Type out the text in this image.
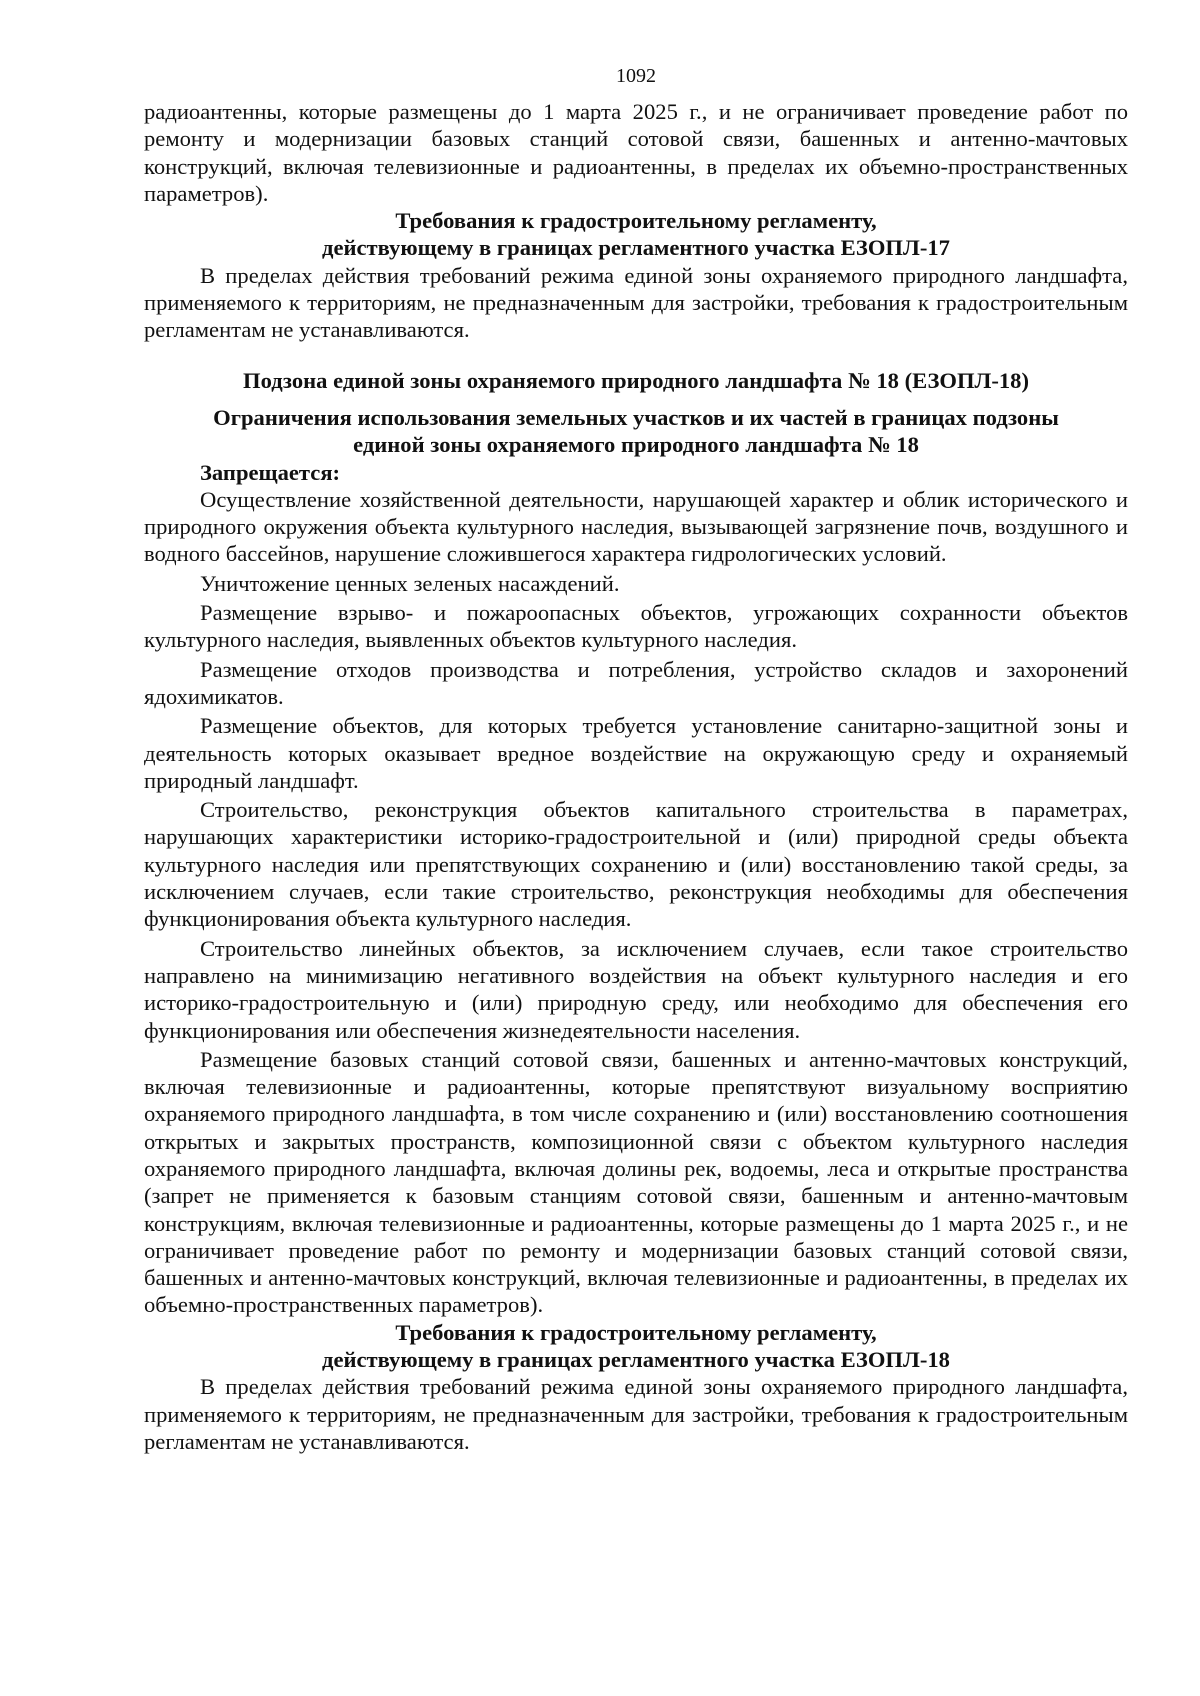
1092

радиоантенны, которые размещены до 1 марта 2025 г., и не ограничивает проведение работ по ремонту и модернизации базовых станций сотовой связи, башенных и антенно-мачтовых конструкций, включая телевизионные и радиоантенны, в пределах их объемно-пространственных параметров).

Требования к градостроительному регламенту,

действующему в границах регламентного участка ЕЗОПЛ-17

В пределах действия требований режима единой зоны охраняемого природного ландшафта, применяемого к территориям, не предназначенным для застройки, требования к градостроительным регламентам не устанавливаются.

Подзона единой зоны охраняемого природного ландшафта № 18 (ЕЗОПЛ-18)

Ограничения использования земельных участков и их частей в границах подзоны

единой зоны охраняемого природного ландшафта № 18

Запрещается:

Осуществление хозяйственной деятельности, нарушающей характер и облик исторического и природного окружения объекта культурного наследия, вызывающей загрязнение почв, воздушного и водного бассейнов, нарушение сложившегося характера гидрологических условий.

Уничтожение ценных зеленых насаждений.

Размещение взрыво- и пожароопасных объектов, угрожающих сохранности объектов культурного наследия, выявленных объектов культурного наследия.

Размещение отходов производства и потребления, устройство складов и захоронений ядохимикатов.

Размещение объектов, для которых требуется установление санитарно-защитной зоны и деятельность которых оказывает вредное воздействие на окружающую среду и охраняемый природный ландшафт.

Строительство, реконструкция объектов капитального строительства в параметрах, нарушающих характеристики историко-градостроительной и (или) природной среды объекта культурного наследия или препятствующих сохранению и (или) восстановлению такой среды, за исключением случаев, если такие строительство, реконструкция необходимы для обеспечения функционирования объекта культурного наследия.

Строительство линейных объектов, за исключением случаев, если такое строительство направлено на минимизацию негативного воздействия на объект культурного наследия и его историко-градостроительную и (или) природную среду, или необходимо для обеспечения его функционирования или обеспечения жизнедеятельности населения.

Размещение базовых станций сотовой связи, башенных и антенно-мачтовых конструкций, включая телевизионные и радиоантенны, которые препятствуют визуальному восприятию охраняемого природного ландшафта, в том числе сохранению и (или) восстановлению соотношения открытых и закрытых пространств, композиционной связи с объектом культурного наследия охраняемого природного ландшафта, включая долины рек, водоемы, леса и открытые пространства (запрет не применяется к базовым станциям сотовой связи, башенным и антенно-мачтовым конструкциям, включая телевизионные и радиоантенны, которые размещены до 1 марта 2025 г., и не ограничивает проведение работ по ремонту и модернизации базовых станций сотовой связи, башенных и антенно-мачтовых конструкций, включая телевизионные и радиоантенны, в пределах их объемно-пространственных параметров).

Требования к градостроительному регламенту,

действующему в границах регламентного участка ЕЗОПЛ-18

В пределах действия требований режима единой зоны охраняемого природного ландшафта, применяемого к территориям, не предназначенным для застройки, требования к градостроительным регламентам не устанавливаются.
